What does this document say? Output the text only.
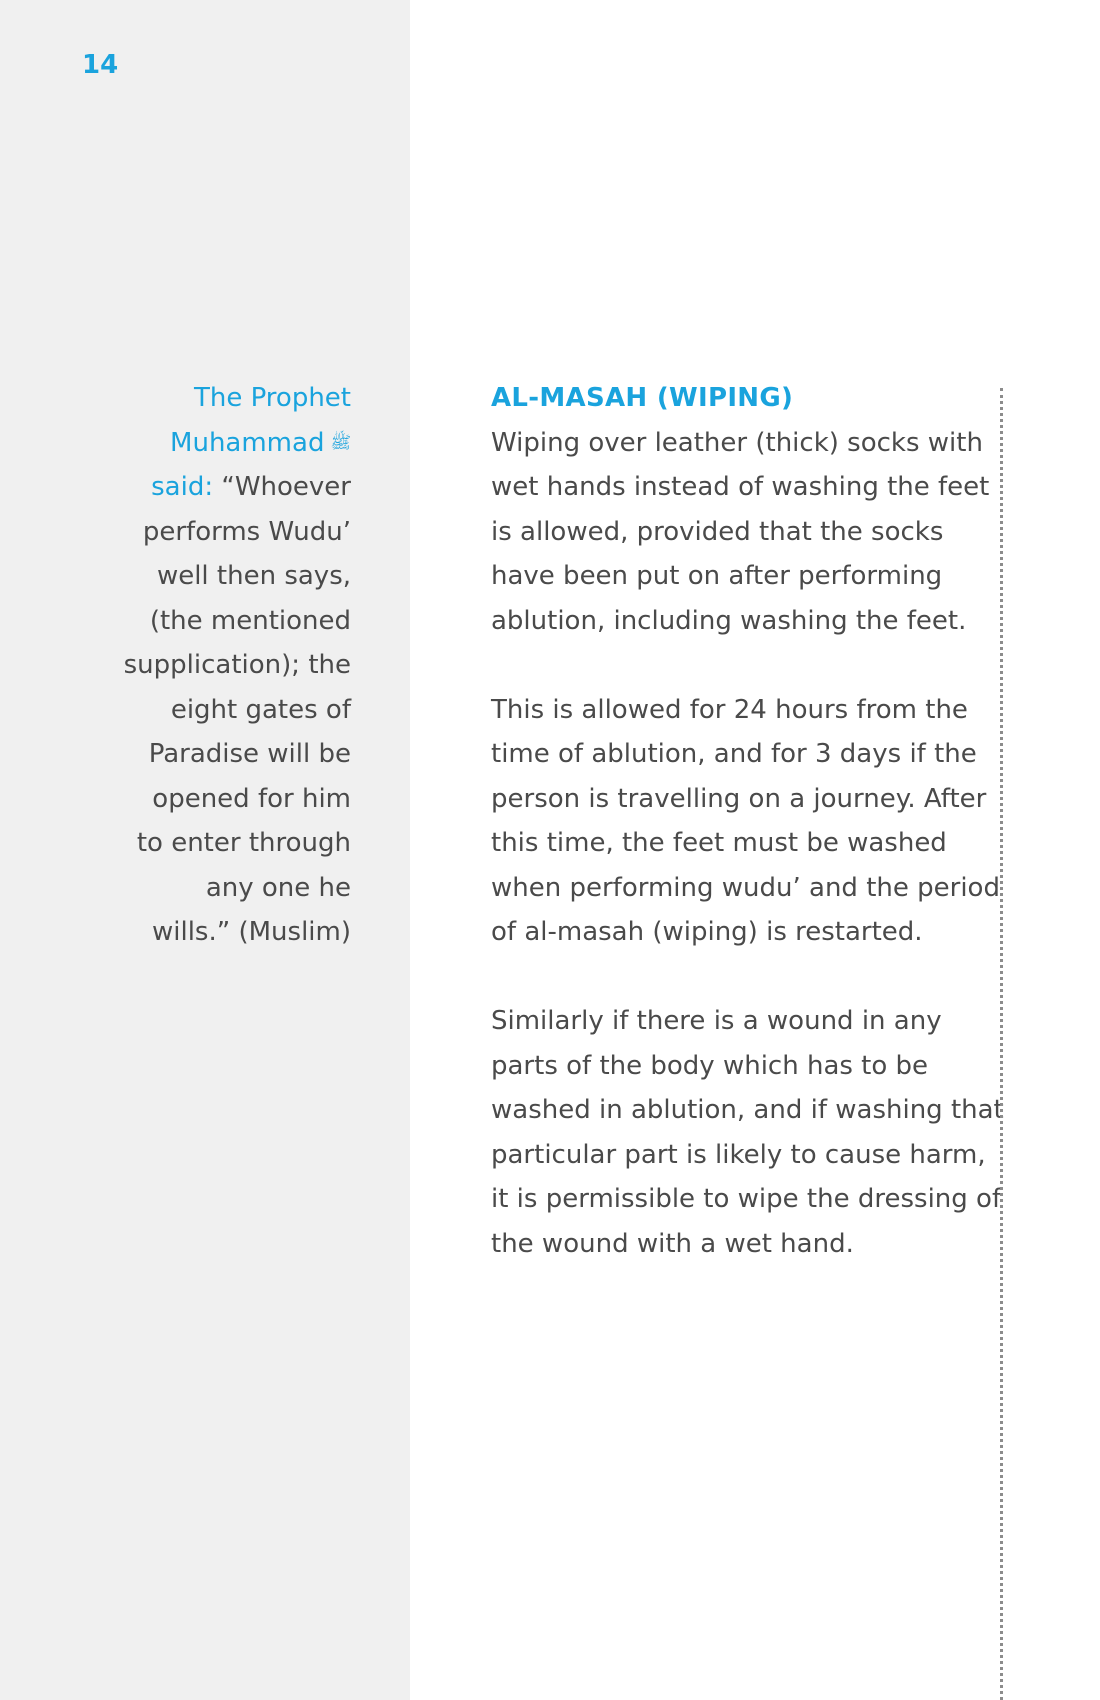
14

The Prophet Muhammad ﷺ said: “Whoever performs Wudu’ well then says, (the mentioned supplication); the eight gates of Paradise will be opened for him to enter through any one he wills.” (Muslim)

AL-MASAH (WIPING)

Wiping over leather (thick) socks with wet hands instead of washing the feet is allowed, provided that the socks have been put on after performing ablution, including washing the feet.

This is allowed for 24 hours from the time of ablution, and for 3 days if the person is travelling on a journey. After this time, the feet must be washed when performing wudu’ and the period of al-masah (wiping) is restarted.

Similarly if there is a wound in any parts of the body which has to be washed in ablution, and if washing that particular part is likely to cause harm, it is permissible to wipe the dressing of the wound with a wet hand.
